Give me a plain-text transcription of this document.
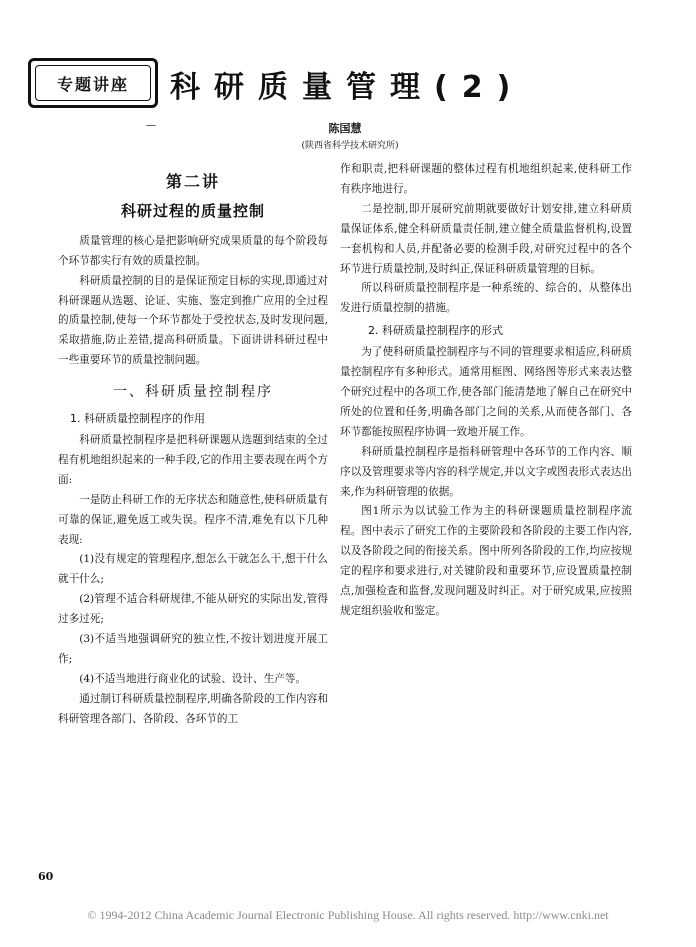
专题讲座 科研质量管理(2)
—	陈国慧
(陕西省科学技术研究所)
第二讲
科研过程的质量控制

质量管理的核心是把影响研究成果质量的每个阶段每个环节都实行有效的质量控制。

科研质量控制的目的是保证预定目标的实现,即通过对科研课题从选题、论证、实施、鉴定到推广应用的全过程的质量控制,使每一个环节都处于受控状态,及时发现问题,采取措施,防止差错,提高科研质量。下面讲讲科研过程中一些重要环节的质量控制问题。

一、科研质量控制程序
1. 科研质量控制程序的作用

科研质量控制程序是把科研课题从选题到结束的全过程有机地组织起来的一种手段,它的作用主要表现在两个方面:

一是防止科研工作的无序状态和随意性,使科研质量有可靠的保证,避免返工或失误。程序不清,难免有以下几种表现:

(1)没有规定的管理程序,想怎么干就怎么干,想干什么就干什么;

(2)管理不适合科研规律,不能从研究的实际出发,管得过多过死;

(3)不适当地强调研究的独立性,不按计划进度开展工作;

(4)不适当地进行商业化的试验、设计、生产等。

通过制订科研质量控制程序,明确各阶段的工作内容和科研管理各部门、各阶段、各环节的工

作和职责,把科研课题的整体过程有机地组织起来,使科研工作有秩序地进行。

二是控制,即开展研究前期就要做好计划安排,建立科研质量保证体系,健全科研质量责任制,建立健全质量监督机构,设置一套机构和人员,并配备必要的检测手段,对研究过程中的各个环节进行质量控制,及时纠正,保证科研质量管理的目标。

所以科研质量控制程序是一种系统的、综合的、从整体出发进行质量控制的措施。

2. 科研质量控制程序的形式

为了使科研质量控制程序与不同的管理要求相适应,科研质量控制程序有多种形式。通常用框图、网络图等形式来表达整个研究过程中的各项工作,使各部门能清楚地了解自己在研究中所处的位置和任务,明确各部门之间的关系,从而使各部门、各环节都能按照程序协调一致地开展工作。

科研质量控制程序是指科研管理中各环节的工作内容、顺序以及管理要求等内容的科学规定,并以文字或图表形式表达出来,作为科研管理的依据。

图1所示为以试验工作为主的科研课题质量控制程序流程。图中表示了研究工作的主要阶段和各阶段的主要工作内容,以及各阶段之间的衔接关系。图中所列各阶段的工作,均应按规定的程序和要求进行,对关键阶段和重要环节,应设置质量控制点,加强检查和监督,发现问题及时纠正。对于研究成果,应按照规定组织验收和鉴定。

60
© 1994-2012 China Academic Journal Electronic Publishing House. All rights reserved. http://www.cnki.net
